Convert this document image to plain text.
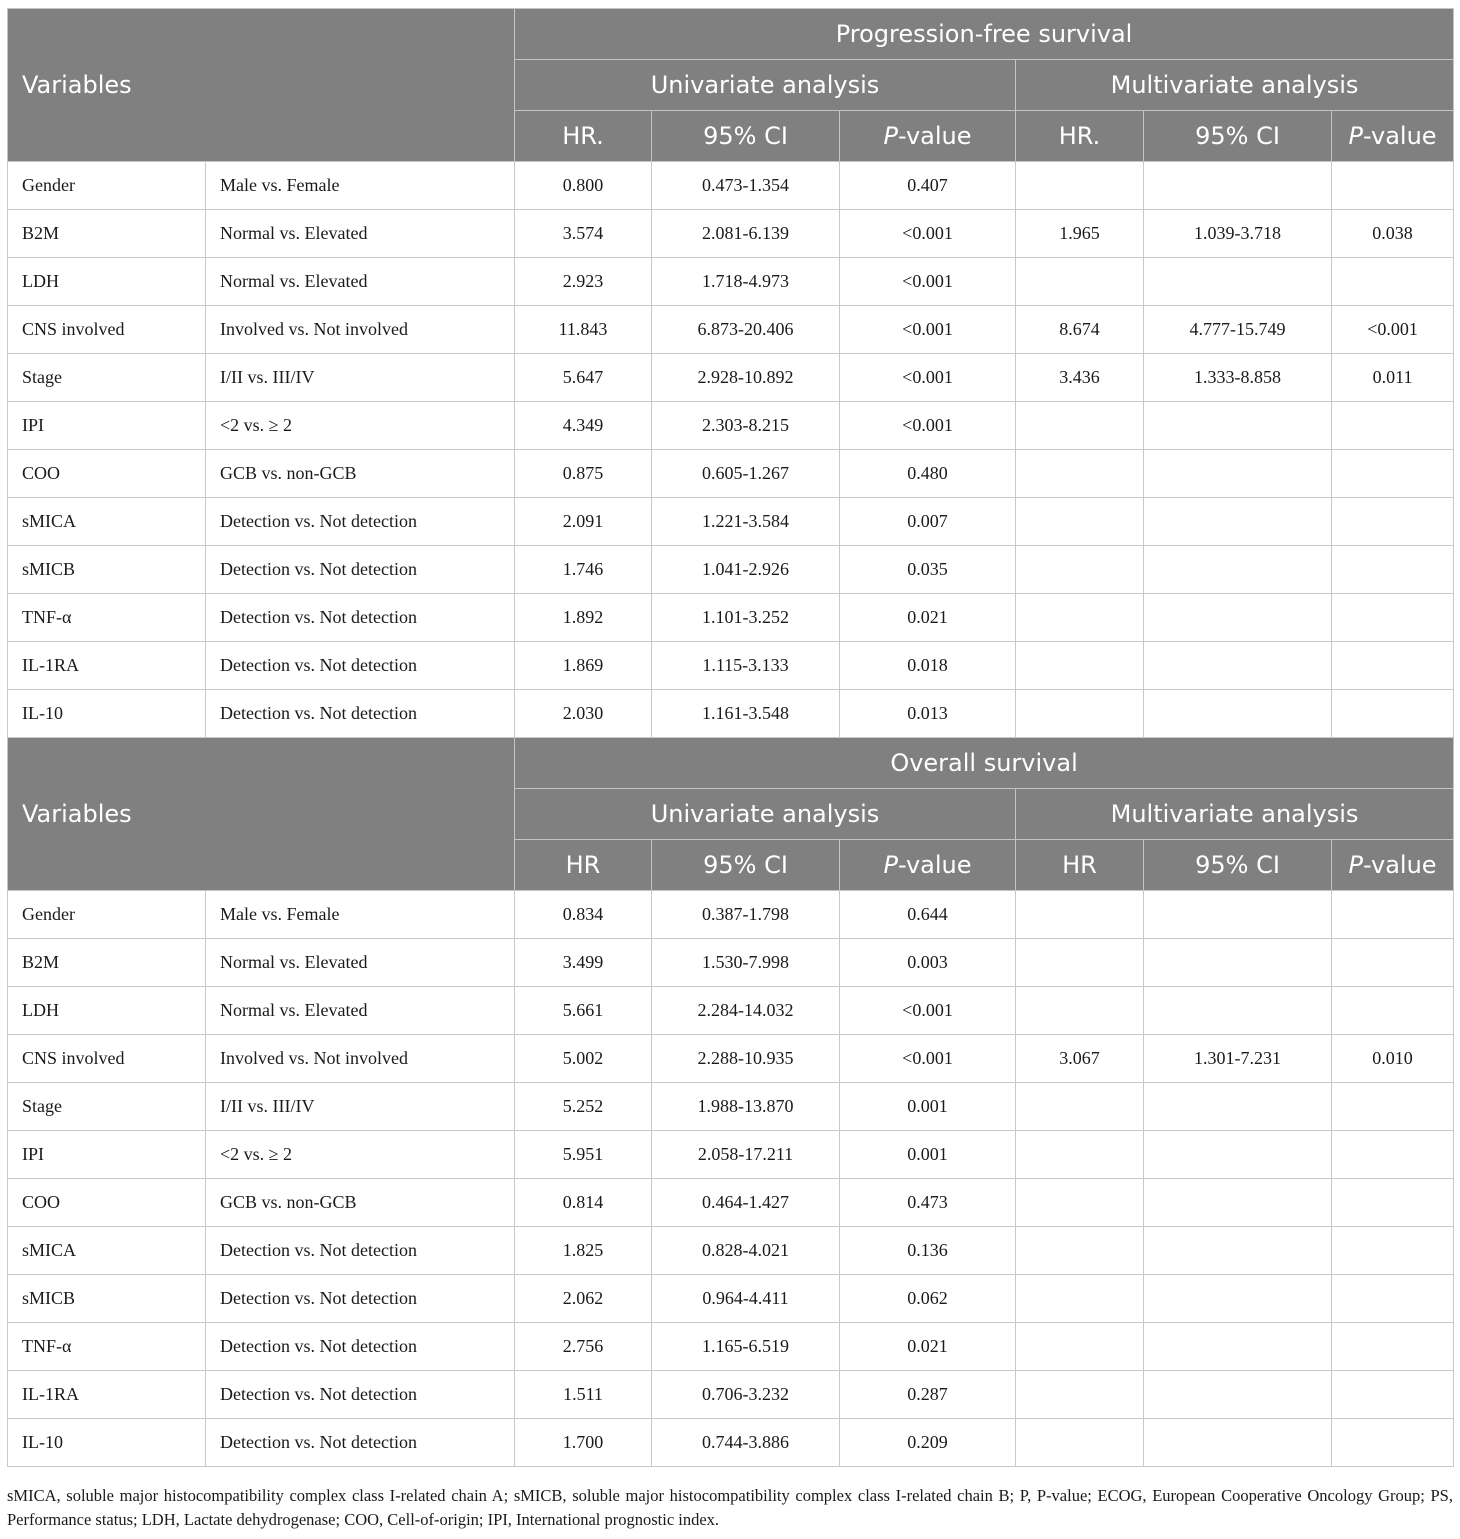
Variables		Progression-free survival					
		Univariate analysis			Multivariate analysis		
		HR.	95% CI	P-value	HR.	95% CI	P-value
Gender	Male vs. Female	0.800	0.473-1.354	0.407			
B2M	Normal vs. Elevated	3.574	2.081-6.139	<0.001	1.965	1.039-3.718	0.038
LDH	Normal vs. Elevated	2.923	1.718-4.973	<0.001			
CNS involved	Involved vs. Not involved	11.843	6.873-20.406	<0.001	8.674	4.777-15.749	<0.001
Stage	I/II vs. III/IV	5.647	2.928-10.892	<0.001	3.436	1.333-8.858	0.011
IPI	<2 vs. ≥ 2	4.349	2.303-8.215	<0.001			
COO	GCB vs. non-GCB	0.875	0.605-1.267	0.480			
sMICA	Detection vs. Not detection	2.091	1.221-3.584	0.007			
sMICB	Detection vs. Not detection	1.746	1.041-2.926	0.035			
TNF-α	Detection vs. Not detection	1.892	1.101-3.252	0.021			
IL-1RA	Detection vs. Not detection	1.869	1.115-3.133	0.018			
IL-10	Detection vs. Not detection	2.030	1.161-3.548	0.013			
Variables		Overall survival					
		Univariate analysis			Multivariate analysis		
		HR	95% CI	P-value	HR	95% CI	P-value
Gender	Male vs. Female	0.834	0.387-1.798	0.644			
B2M	Normal vs. Elevated	3.499	1.530-7.998	0.003			
LDH	Normal vs. Elevated	5.661	2.284-14.032	<0.001			
CNS involved	Involved vs. Not involved	5.002	2.288-10.935	<0.001	3.067	1.301-7.231	0.010
Stage	I/II vs. III/IV	5.252	1.988-13.870	0.001			
IPI	<2 vs. ≥ 2	5.951	2.058-17.211	0.001			
COO	GCB vs. non-GCB	0.814	0.464-1.427	0.473			
sMICA	Detection vs. Not detection	1.825	0.828-4.021	0.136			
sMICB	Detection vs. Not detection	2.062	0.964-4.411	0.062			
TNF-α	Detection vs. Not detection	2.756	1.165-6.519	0.021			
IL-1RA	Detection vs. Not detection	1.511	0.706-3.232	0.287			
IL-10	Detection vs. Not detection	1.700	0.744-3.886	0.209			
sMICA, soluble major histocompatibility complex class I-related chain A; sMICB, soluble major histocompatibility complex class I-related chain B; P, P-value; ECOG, European Cooperative Oncology Group; PS, Performance status; LDH, Lactate dehydrogenase; COO, Cell-of-origin; IPI, International prognostic index.
